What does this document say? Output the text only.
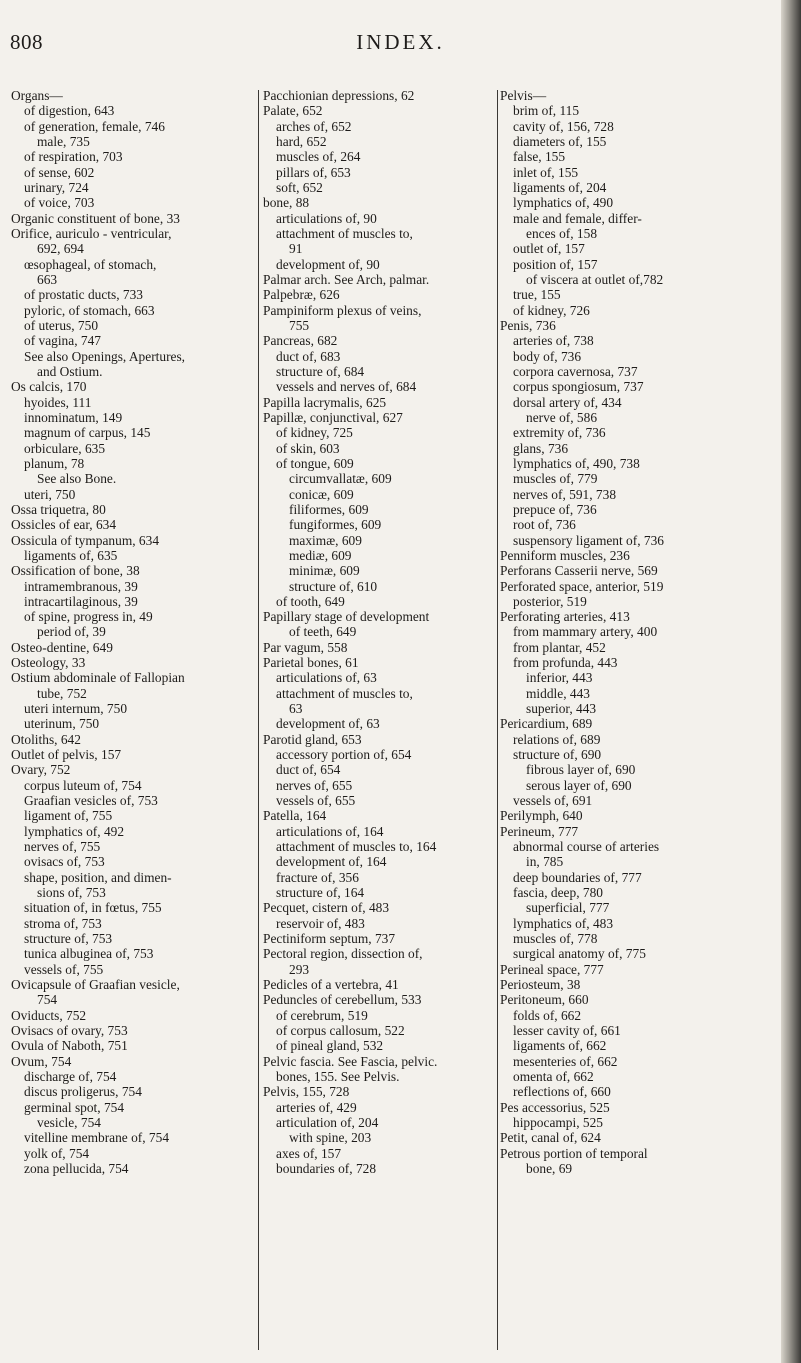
808	INDEX.
Organs—
of digestion, 643
of generation, female, 746
male, 735
of respiration, 703
of sense, 602
urinary, 724
of voice, 703
Organic constituent of bone, 33
Orifice, auriculo - ventricular,
692, 694
œsophageal, of stomach,
663
of prostatic ducts, 733
pyloric, of stomach, 663
of uterus, 750
of vagina, 747
See also Openings, Apertures,
and Ostium.
Os calcis, 170
hyoides, 111
innominatum, 149
magnum of carpus, 145
orbiculare, 635
planum, 78
See also Bone.
uteri, 750
Ossa triquetra, 80
Ossicles of ear, 634
Ossicula of tympanum, 634
ligaments of, 635
Ossification of bone, 38
intramembranous, 39
intracartilaginous, 39
of spine, progress in, 49
period of, 39
Osteo-dentine, 649
Osteology, 33
Ostium abdominale of Fallopian
tube, 752
uteri internum, 750
uterinum, 750
Otoliths, 642
Outlet of pelvis, 157
Ovary, 752
corpus luteum of, 754
Graafian vesicles of, 753
ligament of, 755
lymphatics of, 492
nerves of, 755
ovisacs of, 753
shape, position, and dimen-
sions of, 753
situation of, in fœtus, 755
stroma of, 753
structure of, 753
tunica albuginea of, 753
vessels of, 755
Ovicapsule of Graafian vesicle,
754
Oviducts, 752
Ovisacs of ovary, 753
Ovula of Naboth, 751
Ovum, 754
discharge of, 754
discus proligerus, 754
germinal spot, 754
vesicle, 754
vitelline membrane of, 754
yolk of, 754
zona pellucida, 754
Pacchionian depressions, 62
Palate, 652
arches of, 652
hard, 652
muscles of, 264
pillars of, 653
soft, 652
bone, 88
articulations of, 90
attachment of muscles to,
91
development of, 90
Palmar arch. See Arch, palmar.
Palpebræ, 626
Pampiniform plexus of veins,
755
Pancreas, 682
duct of, 683
structure of, 684
vessels and nerves of, 684
Papilla lacrymalis, 625
Papillæ, conjunctival, 627
of kidney, 725
of skin, 603
of tongue, 609
circumvallatæ, 609
conicæ, 609
filiformes, 609
fungiformes, 609
maximæ, 609
mediæ, 609
minimæ, 609
structure of, 610
of tooth, 649
Papillary stage of development
of teeth, 649
Par vagum, 558
Parietal bones, 61
articulations of, 63
attachment of muscles to,
63
development of, 63
Parotid gland, 653
accessory portion of, 654
duct of, 654
nerves of, 655
vessels of, 655
Patella, 164
articulations of, 164
attachment of muscles to, 164
development of, 164
fracture of, 356
structure of, 164
Pecquet, cistern of, 483
reservoir of, 483
Pectiniform septum, 737
Pectoral region, dissection of,
293
Pedicles of a vertebra, 41
Peduncles of cerebellum, 533
of cerebrum, 519
of corpus callosum, 522
of pineal gland, 532
Pelvic fascia. See Fascia, pelvic.
bones, 155. See Pelvis.
Pelvis, 155, 728
arteries of, 429
articulation of, 204
with spine, 203
axes of, 157
boundaries of, 728
Pelvis—
brim of, 115
cavity of, 156, 728
diameters of, 155
false, 155
inlet of, 155
ligaments of, 204
lymphatics of, 490
male and female, differ-
ences of, 158
outlet of, 157
position of, 157
of viscera at outlet of,782
true, 155
of kidney, 726
Penis, 736
arteries of, 738
body of, 736
corpora cavernosa, 737
corpus spongiosum, 737
dorsal artery of, 434
nerve of, 586
extremity of, 736
glans, 736
lymphatics of, 490, 738
muscles of, 779
nerves of, 591, 738
prepuce of, 736
root of, 736
suspensory ligament of, 736
Penniform muscles, 236
Perforans Casserii nerve, 569
Perforated space, anterior, 519
posterior, 519
Perforating arteries, 413
from mammary artery, 400
from plantar, 452
from profunda, 443
inferior, 443
middle, 443
superior, 443
Pericardium, 689
relations of, 689
structure of, 690
fibrous layer of, 690
serous layer of, 690
vessels of, 691
Perilymph, 640
Perineum, 777
abnormal course of arteries
in, 785
deep boundaries of, 777
fascia, deep, 780
superficial, 777
lymphatics of, 483
muscles of, 778
surgical anatomy of, 775
Perineal space, 777
Periosteum, 38
Peritoneum, 660
folds of, 662
lesser cavity of, 661
ligaments of, 662
mesenteries of, 662
omenta of, 662
reflections of, 660
Pes accessorius, 525
hippocampi, 525
Petit, canal of, 624
Petrous portion of temporal
bone, 69
